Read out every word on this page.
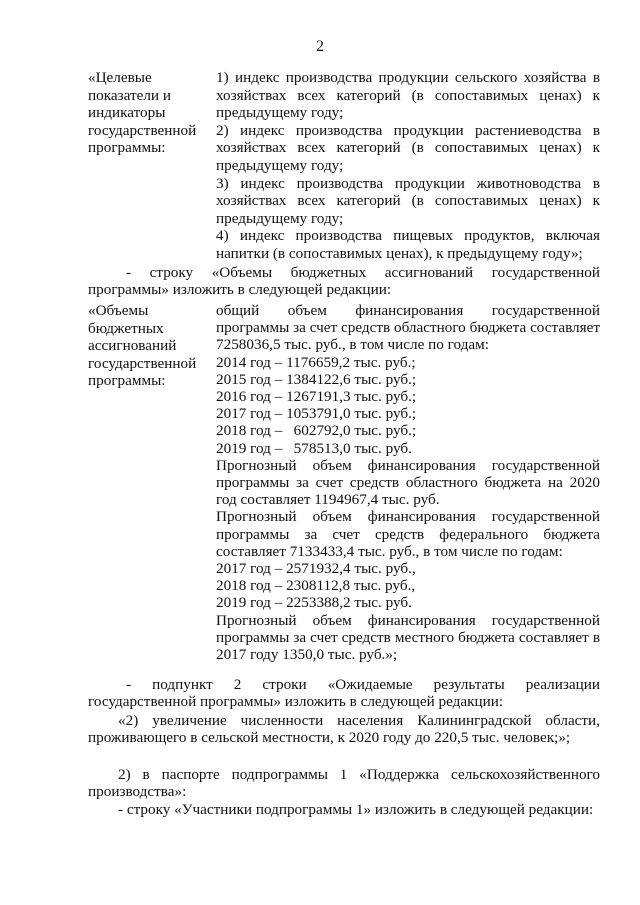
2
«Целевые
показатели и
индикаторы
государственной
программы:

1) индекс производства продукции сельского хозяйства в хозяйствах всех категорий (в сопоставимых ценах) к предыдущему году;

2) индекс производства продукции растениеводства в хозяйствах всех категорий (в сопоставимых ценах) к предыдущему году;

3) индекс производства продукции животноводства в хозяйствах всех категорий (в сопоставимых ценах) к предыдущему году;

4) индекс производства пищевых продуктов, включая напитки (в сопоставимых ценах), к предыдущему году»;

- строку «Объемы бюджетных ассигнований государственной программы» изложить в следующей редакции:

«Объемы
бюджетных
ассигнований
государственной
программы:

общий объем финансирования государственной программы за счет средств областного бюджета составляет 7258036,5 тыс. руб., в том числе по годам:

2014 год – 1176659,2 тыс. руб.;

2015 год – 1384122,6 тыс. руб.;

2016 год – 1267191,3 тыс. руб.;

2017 год – 1053791,0 тыс. руб.;

2018 год –   602792,0 тыс. руб.;

2019 год –   578513,0 тыс. руб.

Прогнозный объем финансирования государственной программы за счет средств областного бюджета на 2020 год составляет 1194967,4 тыс. руб.

Прогнозный объем финансирования государственной программы за счет средств федерального бюджета составляет 7133433,4 тыс. руб., в том числе по годам:

2017 год – 2571932,4 тыс. руб.,

2018 год – 2308112,8 тыс. руб.,

2019 год – 2253388,2 тыс. руб.

Прогнозный объем финансирования государственной программы за счет средств местного бюджета составляет в 2017 году 1350,0 тыс. руб.»;

- подпункт 2 строки «Ожидаемые результаты реализации государственной программы» изложить в следующей редакции:

«2) увеличение численности населения Калининградской области, проживающего в сельской местности, к 2020 году до 220,5 тыс. человек;»;

2) в паспорте подпрограммы 1 «Поддержка сельскохозяйственного производства»:

- строку «Участники подпрограммы 1» изложить в следующей редакции:
